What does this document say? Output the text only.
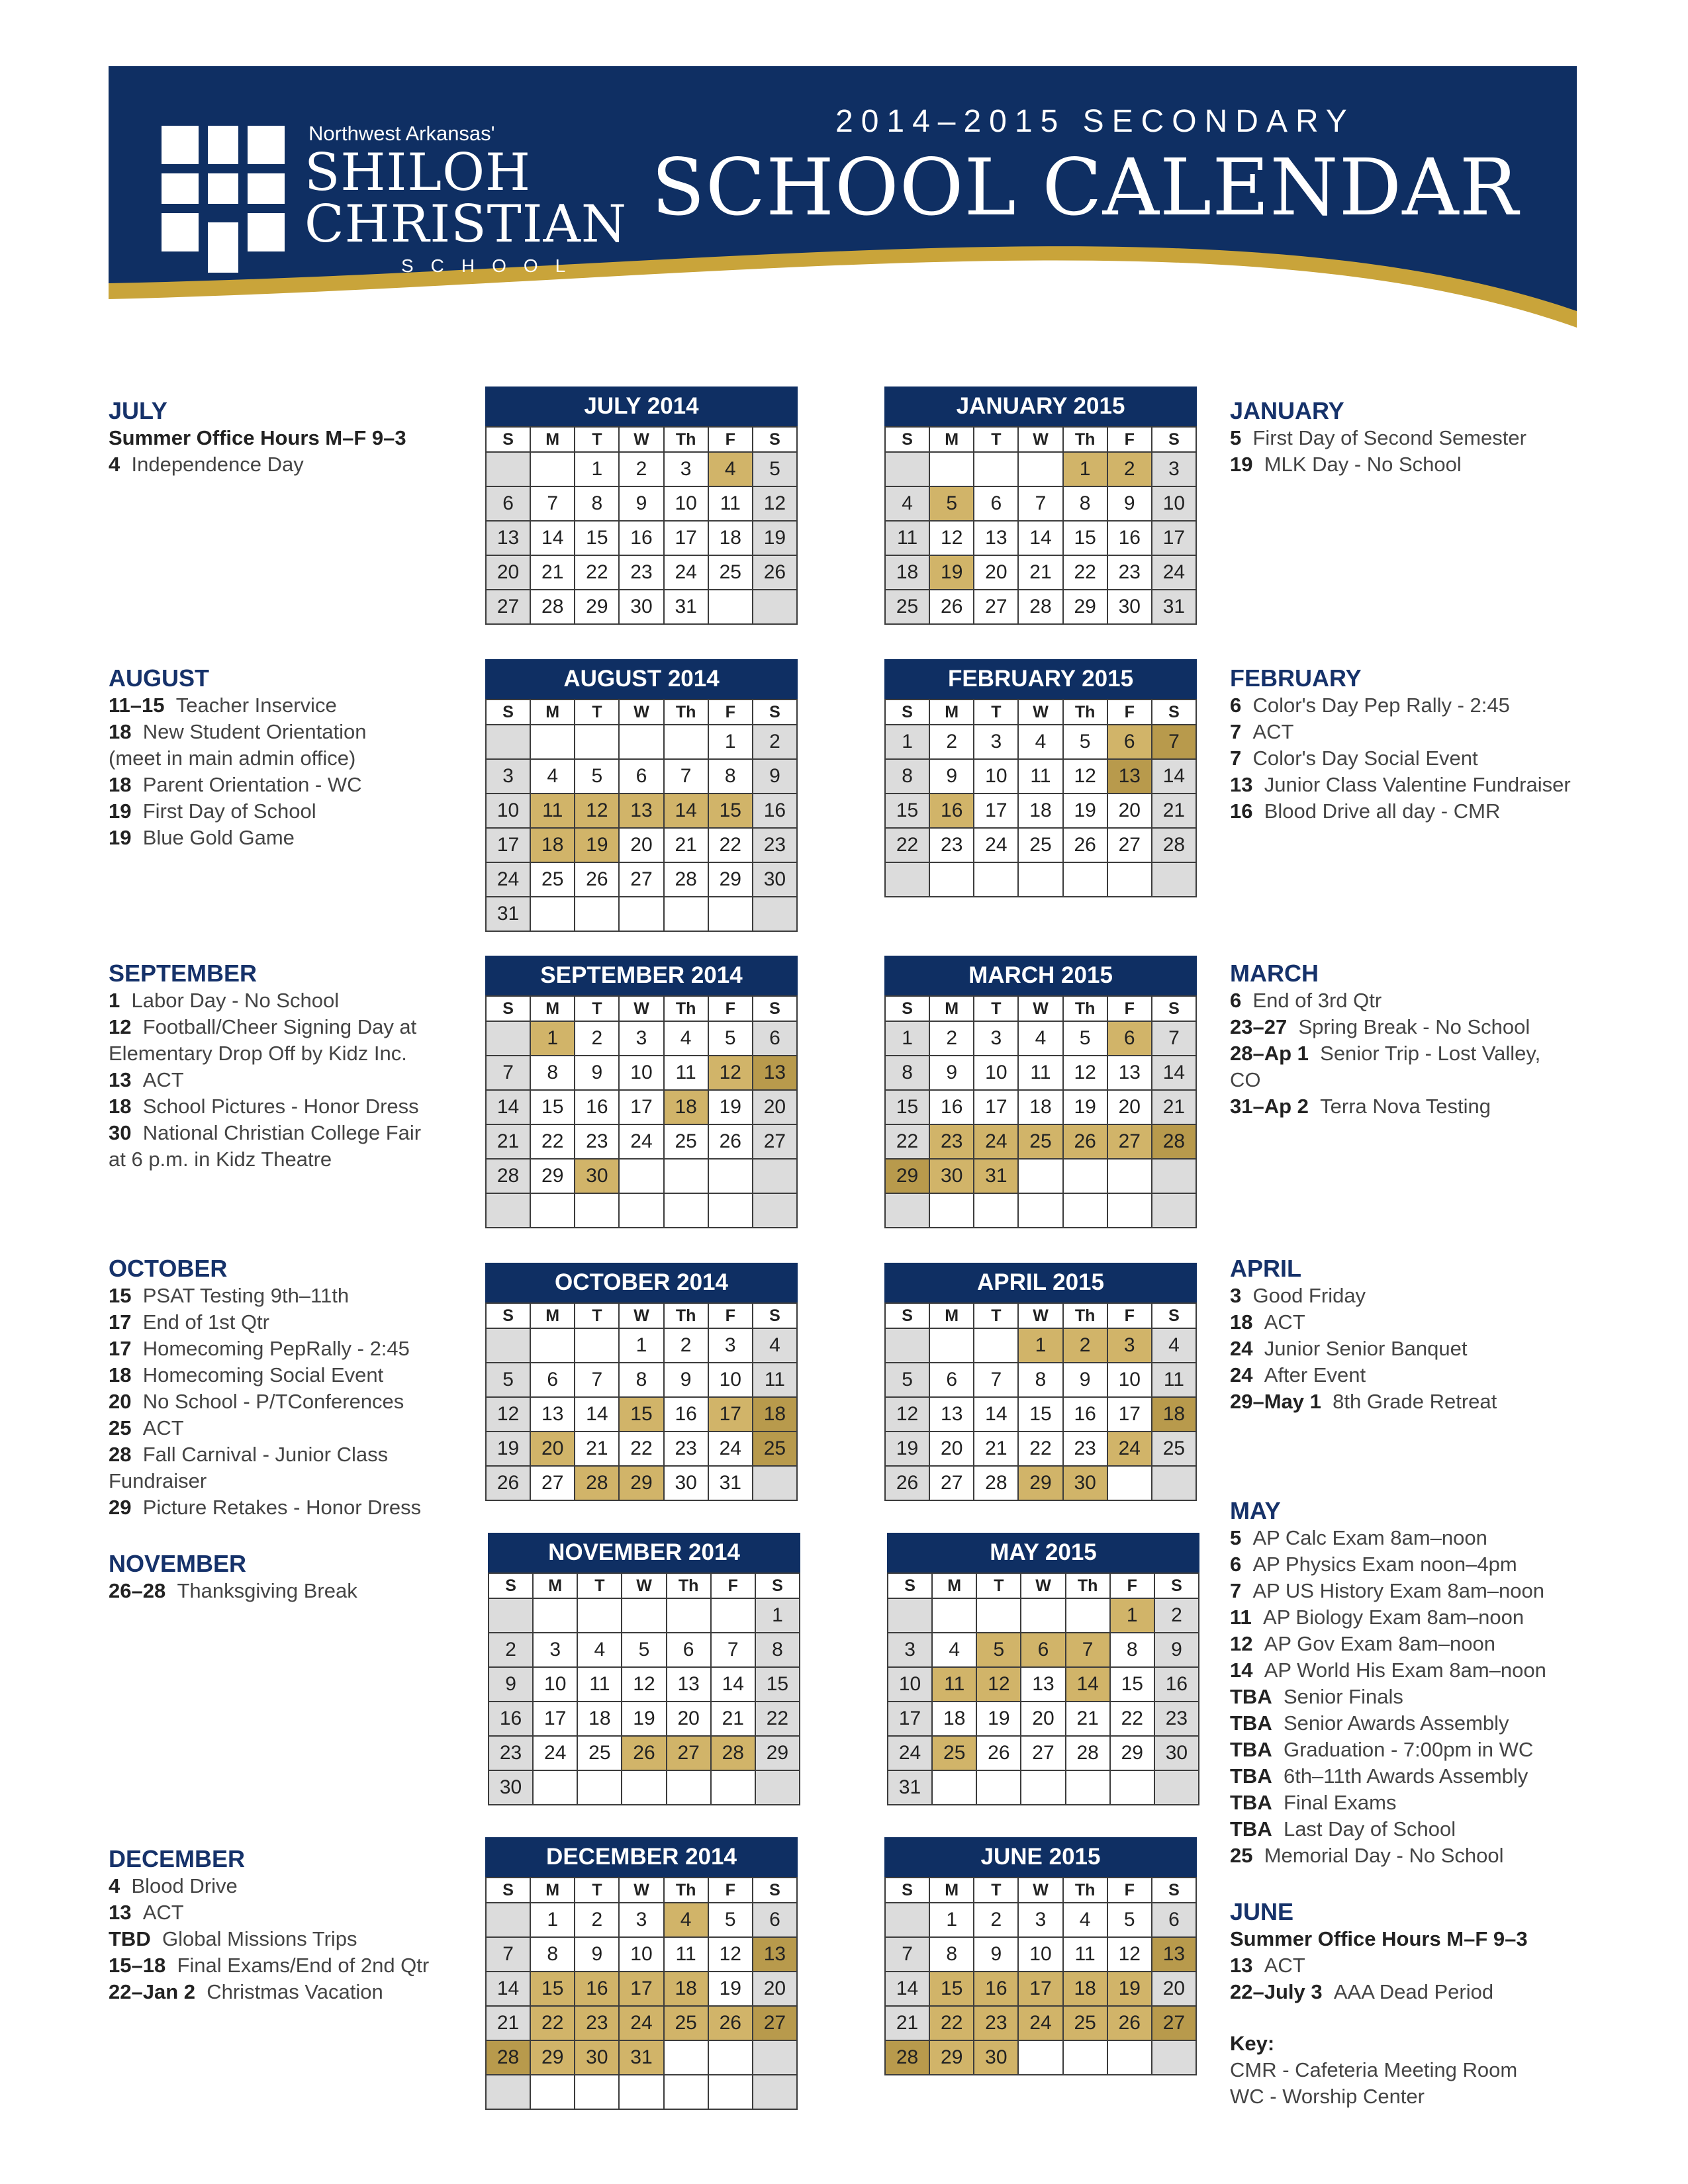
Northwest Arkansas'
SHILOH
CHRISTIAN
SCHOOL
2014–2015 SECONDARY
SCHOOL CALENDAR
JULY 2014
S	M	T	W	Th	F	S
		1	2	3	4	5
6	7	8	9	10	11	12
13	14	15	16	17	18	19
20	21	22	23	24	25	26
27	28	29	30	31		
AUGUST 2014
S	M	T	W	Th	F	S
					1	2
3	4	5	6	7	8	9
10	11	12	13	14	15	16
17	18	19	20	21	22	23
24	25	26	27	28	29	30
31						
SEPTEMBER 2014
S	M	T	W	Th	F	S
	1	2	3	4	5	6
7	8	9	10	11	12	13
14	15	16	17	18	19	20
21	22	23	24	25	26	27
28	29	30				

OCTOBER 2014
S	M	T	W	Th	F	S
			1	2	3	4
5	6	7	8	9	10	11
12	13	14	15	16	17	18
19	20	21	22	23	24	25
26	27	28	29	30	31	
NOVEMBER 2014
S	M	T	W	Th	F	S
						1
2	3	4	5	6	7	8
9	10	11	12	13	14	15
16	17	18	19	20	21	22
23	24	25	26	27	28	29
30						
DECEMBER 2014
S	M	T	W	Th	F	S
	1	2	3	4	5	6
7	8	9	10	11	12	13
14	15	16	17	18	19	20
21	22	23	24	25	26	27
28	29	30	31			

JANUARY 2015
S	M	T	W	Th	F	S
				1	2	3
4	5	6	7	8	9	10
11	12	13	14	15	16	17
18	19	20	21	22	23	24
25	26	27	28	29	30	31
FEBRUARY 2015
S	M	T	W	Th	F	S
1	2	3	4	5	6	7
8	9	10	11	12	13	14
15	16	17	18	19	20	21
22	23	24	25	26	27	28

MARCH 2015
S	M	T	W	Th	F	S
1	2	3	4	5	6	7
8	9	10	11	12	13	14
15	16	17	18	19	20	21
22	23	24	25	26	27	28
29	30	31				

APRIL 2015
S	M	T	W	Th	F	S
			1	2	3	4
5	6	7	8	9	10	11
12	13	14	15	16	17	18
19	20	21	22	23	24	25
26	27	28	29	30		
MAY 2015
S	M	T	W	Th	F	S
					1	2
3	4	5	6	7	8	9
10	11	12	13	14	15	16
17	18	19	20	21	22	23
24	25	26	27	28	29	30
31						
JUNE 2015
S	M	T	W	Th	F	S
	1	2	3	4	5	6
7	8	9	10	11	12	13
14	15	16	17	18	19	20
21	22	23	24	25	26	27
28	29	30				
JULY
Summer Office Hours M–F 9–3
4 Independence Day
AUGUST
11–15 Teacher Inservice
18 New Student Orientation
(meet in main admin office)
18 Parent Orientation - WC
19 First Day of School
19 Blue Gold Game
SEPTEMBER
1 Labor Day - No School
12 Football/Cheer Signing Day at
Elementary Drop Off by Kidz Inc.
13 ACT
18 School Pictures - Honor Dress
30 National Christian College Fair
at 6 p.m. in Kidz Theatre
OCTOBER
15 PSAT Testing 9th–11th
17 End of 1st Qtr
17 Homecoming PepRally - 2:45
18 Homecoming Social Event
20 No School - P/TConferences
25 ACT
28 Fall Carnival - Junior Class
Fundraiser
29 Picture Retakes - Honor Dress
NOVEMBER
26–28 Thanksgiving Break
DECEMBER
4 Blood Drive
13 ACT
TBD Global Missions Trips
15–18 Final Exams/End of 2nd Qtr
22–Jan 2 Christmas Vacation
JANUARY
5 First Day of Second Semester
19 MLK Day - No School
FEBRUARY
6 Color's Day Pep Rally - 2:45
7 ACT
7 Color's Day Social Event
13 Junior Class Valentine Fundraiser
16 Blood Drive all day - CMR
MARCH
6 End of 3rd Qtr
23–27 Spring Break - No School
28–Ap 1 Senior Trip - Lost Valley,
CO
31–Ap 2 Terra Nova Testing
APRIL
3 Good Friday
18 ACT
24 Junior Senior Banquet
24 After Event
29–May 1 8th Grade Retreat
MAY
5 AP Calc Exam 8am–noon
6 AP Physics Exam noon–4pm
7 AP US History Exam 8am–noon
11 AP Biology Exam 8am–noon
12 AP Gov Exam 8am–noon
14 AP World His Exam 8am–noon
TBA Senior Finals
TBA Senior Awards Assembly
TBA Graduation - 7:00pm in WC
TBA 6th–11th Awards Assembly
TBA Final Exams
TBA Last Day of School
25 Memorial Day - No School
JUNE
Summer Office Hours M–F 9–3
13 ACT
22–July 3 AAA Dead Period
Key:
CMR - Cafeteria Meeting Room
WC - Worship Center
